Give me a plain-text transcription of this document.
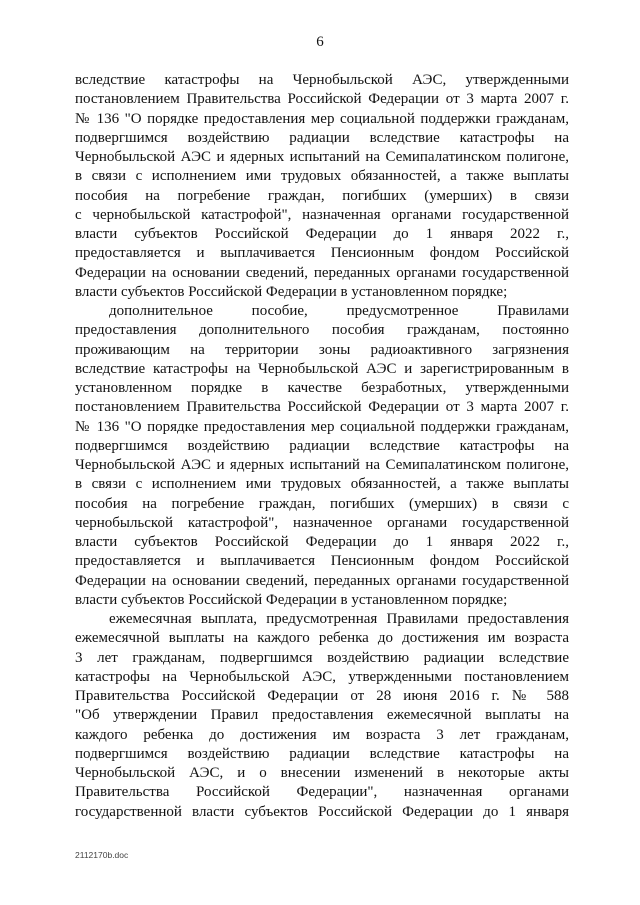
6
вследствие катастрофы на Чернобыльской АЭС, утвержденными
постановлением Правительства Российской Федерации от 3 марта 2007 г.
№ 136 "О порядке предоставления мер социальной поддержки гражданам,
подвергшимся воздействию радиации вследствие катастрофы на
Чернобыльской АЭС и ядерных испытаний на Семипалатинском полигоне,
в связи с исполнением ими трудовых обязанностей, а также выплаты
пособия на погребение граждан, погибших (умерших) в связи
с чернобыльской катастрофой", назначенная органами государственной
власти субъектов Российской Федерации до 1 января 2022 г.,
предоставляется и выплачивается Пенсионным фондом Российской
Федерации на основании сведений, переданных органами государственной
власти субъектов Российской Федерации в установленном порядке;
дополнительное пособие, предусмотренное Правилами
предоставления дополнительного пособия гражданам, постоянно
проживающим на территории зоны радиоактивного загрязнения
вследствие катастрофы на Чернобыльской АЭС и зарегистрированным в
установленном порядке в качестве безработных, утвержденными
постановлением Правительства Российской Федерации от 3 марта 2007 г.
№ 136 "О порядке предоставления мер социальной поддержки гражданам,
подвергшимся воздействию радиации вследствие катастрофы на
Чернобыльской АЭС и ядерных испытаний на Семипалатинском полигоне,
в связи с исполнением ими трудовых обязанностей, а также выплаты
пособия на погребение граждан, погибших (умерших) в связи с
чернобыльской катастрофой", назначенное органами государственной
власти субъектов Российской Федерации до 1 января 2022 г.,
предоставляется и выплачивается Пенсионным фондом Российской
Федерации на основании сведений, переданных органами государственной
власти субъектов Российской Федерации в установленном порядке;
ежемесячная выплата, предусмотренная Правилами предоставления
ежемесячной выплаты на каждого ребенка до достижения им возраста
3 лет гражданам, подвергшимся воздействию радиации вследствие
катастрофы на Чернобыльской АЭС, утвержденными постановлением
Правительства Российской Федерации от 28 июня 2016 г. № 588
"Об утверждении Правил предоставления ежемесячной выплаты на
каждого ребенка до достижения им возраста 3 лет гражданам,
подвергшимся воздействию радиации вследствие катастрофы на
Чернобыльской АЭС, и о внесении изменений в некоторые акты
Правительства Российской Федерации", назначенная органами
государственной власти субъектов Российской Федерации до 1 января
2112170b.doc
